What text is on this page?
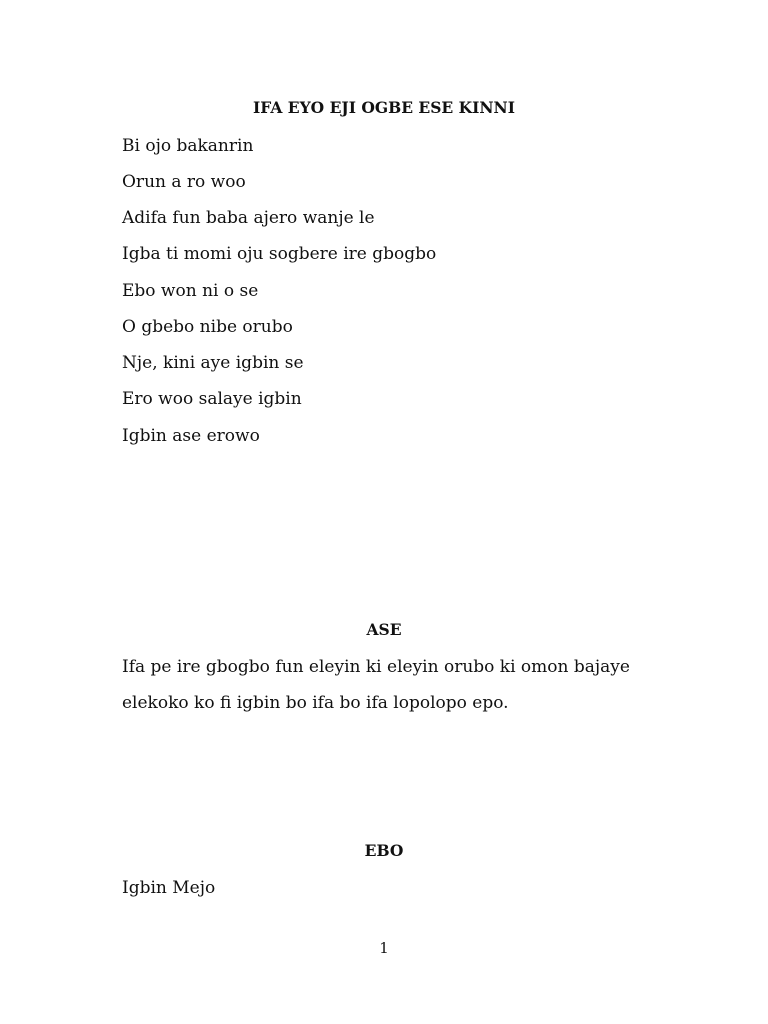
IFA EYO EJI OGBE ESE KINNI

Bi ojo bakanrin

Orun a ro woo

Adifa fun baba ajero wanje le

Igba ti momi oju sogbere ire gbogbo

Ebo won ni o se

O gbebo nibe orubo

Nje, kini aye igbin se

Ero woo salaye igbin

Igbin ase erowo

ASE

Ifa pe ire gbogbo fun eleyin ki eleyin orubo ki omon bajaye

elekoko ko fi igbin bo ifa bo ifa lopolopo epo.

EBO

Igbin Mejo

1
